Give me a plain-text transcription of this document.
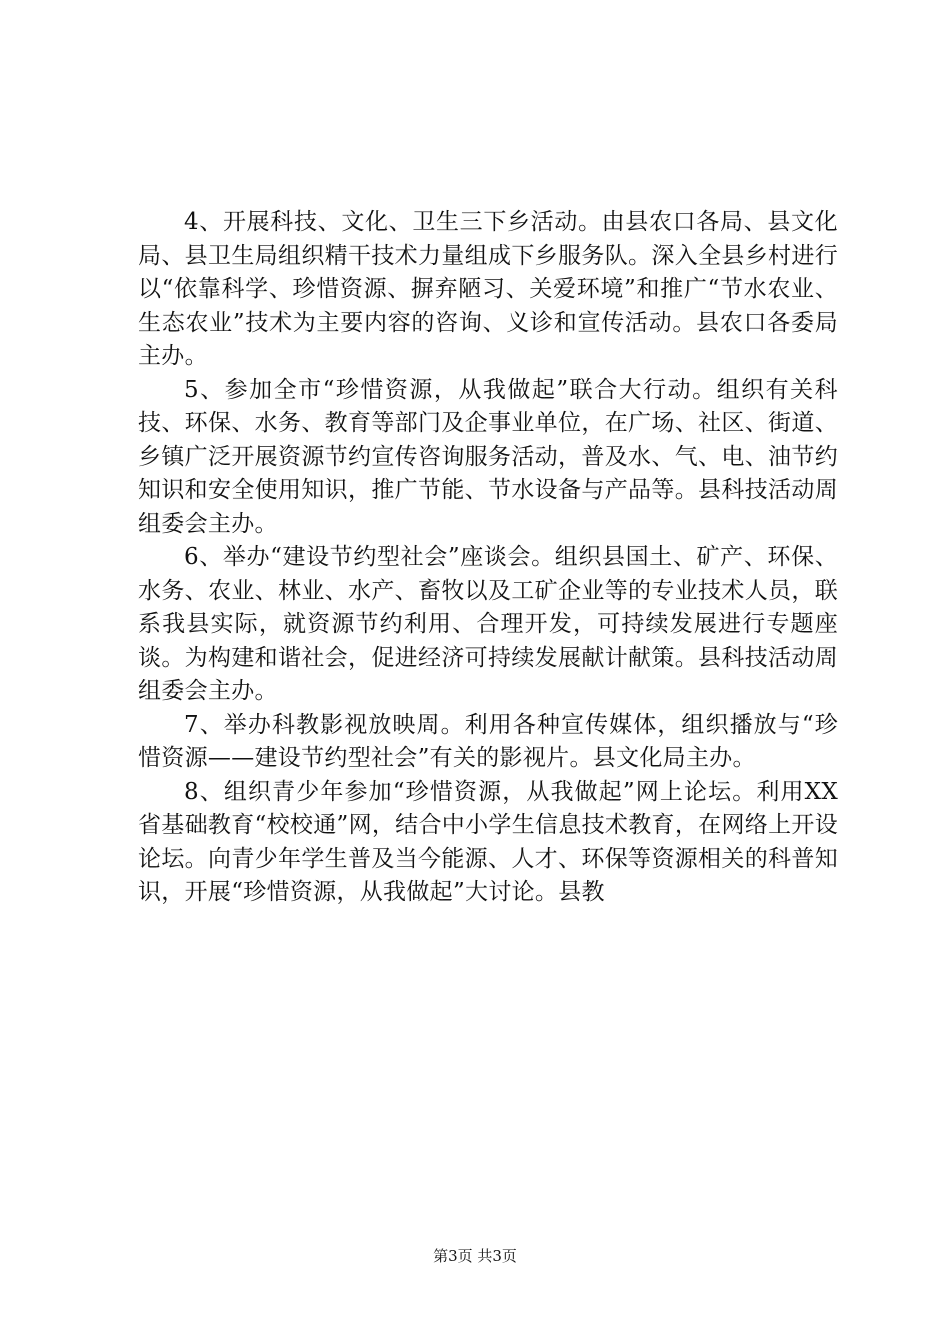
4、开展科技、文化、卫生三下乡活动。由县农口各局、县文化局、县卫生局组织精干技术力量组成下乡服务队。深入全县乡村进行以“依靠科学、珍惜资源、摒弃陋习、关爱环境”和推广“节水农业、生态农业”技术为主要内容的咨询、义诊和宣传活动。县农口各委局主办。

5、参加全市“珍惜资源，从我做起”联合大行动。组织有关科技、环保、水务、教育等部门及企事业单位，在广场、社区、街道、乡镇广泛开展资源节约宣传咨询服务活动，普及水、气、电、油节约知识和安全使用知识，推广节能、节水设备与产品等。县科技活动周组委会主办。

6、举办“建设节约型社会”座谈会。组织县国土、矿产、环保、水务、农业、林业、水产、畜牧以及工矿企业等的专业技术人员，联系我县实际，就资源节约利用、合理开发，可持续发展进行专题座谈。为构建和谐社会，促进经济可持续发展献计献策。县科技活动周组委会主办。

7、举办科教影视放映周。利用各种宣传媒体，组织播放与“珍惜资源——建设节约型社会”有关的影视片。县文化局主办。

8、组织青少年参加“珍惜资源，从我做起”网上论坛。利用XX省基础教育“校校通”网，结合中小学生信息技术教育，在网络上开设论坛。向青少年学生普及当今能源、人才、环保等资源相关的科普知识，开展“珍惜资源，从我做起”大讨论。县教

第3页 共3页
